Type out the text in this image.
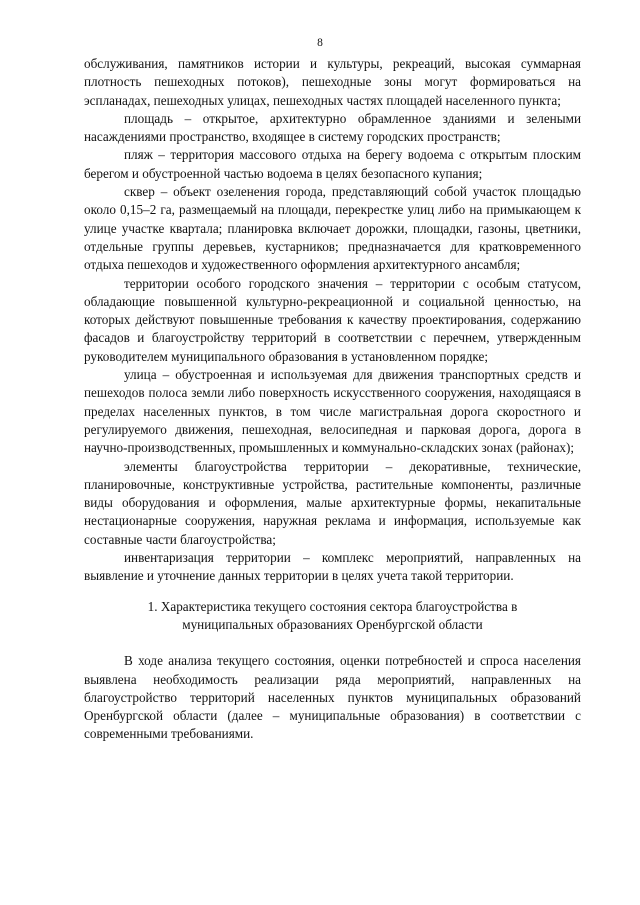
8

обслуживания, памятников истории и культуры, рекреаций, высокая суммарная плотность пешеходных потоков), пешеходные зоны могут формироваться на эспланадах, пешеходных улицах, пешеходных частях площадей населенного пункта;

площадь – открытое, архитектурно обрамленное зданиями и зелеными насаждениями пространство, входящее в систему городских пространств;

пляж – территория массового отдыха на берегу водоема с открытым плоским берегом и обустроенной частью водоема в целях безопасного купания;

сквер – объект озеленения города, представляющий собой участок площадью около 0,15–2 га, размещаемый на площади, перекрестке улиц либо на примыкающем к улице участке квартала; планировка включает дорожки, площадки, газоны, цветники, отдельные группы деревьев, кустарников; предназначается для кратковременного отдыха пешеходов и художественного оформления архитектурного ансамбля;

территории особого городского значения – территории с особым статусом, обладающие повышенной культурно-рекреационной и социальной ценностью, на которых действуют повышенные требования к качеству проектирования, содержанию фасадов и благоустройству территорий в соответствии с перечнем, утвержденным руководителем муниципального образования в установленном порядке;

улица – обустроенная и используемая для движения транспортных средств и пешеходов полоса земли либо поверхность искусственного сооружения, находящаяся в пределах населенных пунктов, в том числе магистральная дорога скоростного и регулируемого движения, пешеходная, велосипедная и парковая дорога, дорога в научно-производственных, промышленных и коммунально-складских зонах (районах);

элементы благоустройства территории – декоративные, технические, планировочные, конструктивные устройства, растительные компоненты, различные виды оборудования и оформления, малые архитектурные формы, некапитальные нестационарные сооружения, наружная реклама и информация, используемые как составные части благоустройства;

инвентаризация территории – комплекс мероприятий, направленных на выявление и уточнение данных территории в целях учета такой территории.

1. Характеристика текущего состояния сектора благоустройства в
муниципальных образованиях Оренбургской области

В ходе анализа текущего состояния, оценки потребностей и спроса населения выявлена необходимость реализации ряда мероприятий, направленных на благоустройство территорий населенных пунктов муниципальных образований Оренбургской области (далее – муниципальные образования) в соответствии с современными требованиями.
